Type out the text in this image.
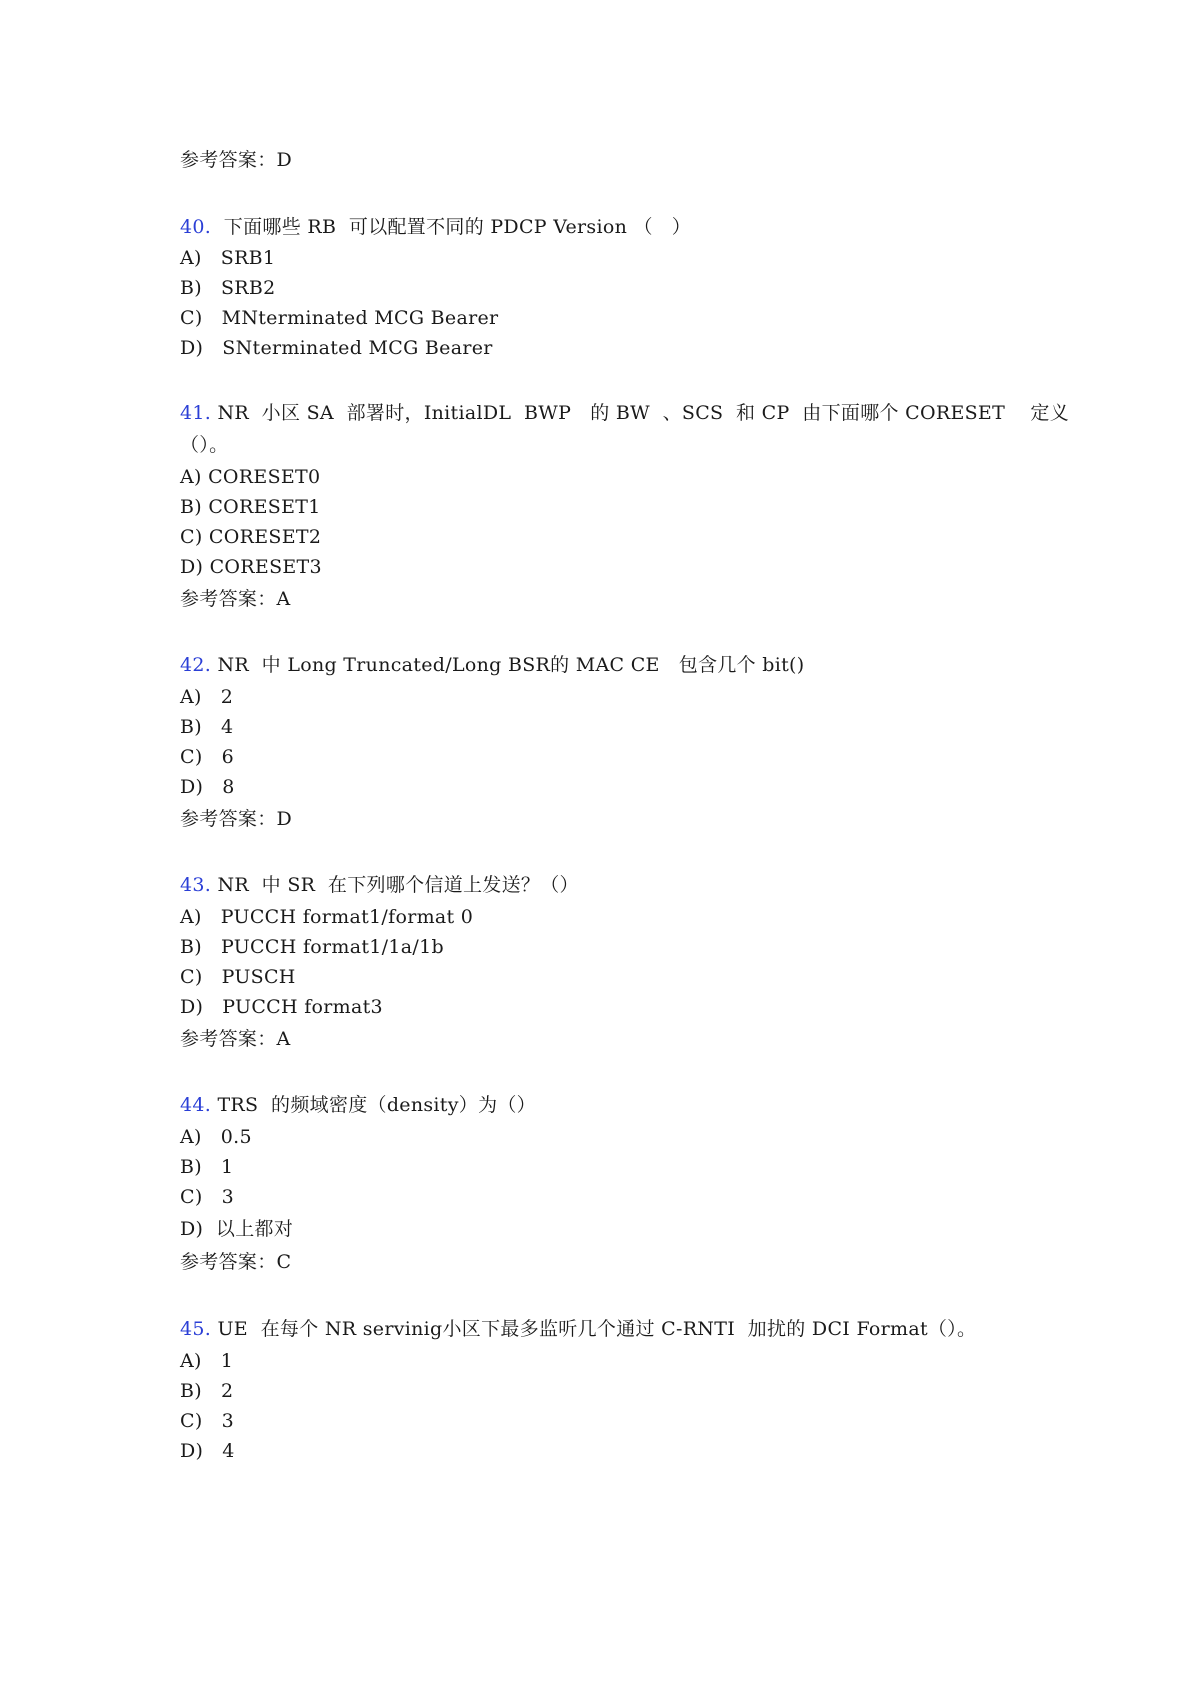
参考答案：D
40.  下面哪些 RB  可以配置不同的 PDCP Version （   ）
A)   SRB1
B)   SRB2
C)   MNterminated MCG Bearer
D)   SNterminated MCG Bearer
41. NR  小区 SA  部署时，InitialDL  BWP   的 BW  、SCS  和 CP  由下面哪个 CORESET    定义
（）。
A) CORESET0
B) CORESET1
C) CORESET2
D) CORESET3
参考答案：A
42. NR  中 Long Truncated/Long BSR的 MAC CE   包含几个 bit()
A)   2
B)   4
C)   6
D)   8
参考答案：D
43. NR  中 SR  在下列哪个信道上发送？（）
A)   PUCCH format1/format 0
B)   PUCCH format1/1a/1b
C)   PUSCH
D)   PUCCH format3
参考答案：A
44. TRS  的频域密度（density）为（）
A)   0.5
B)   1
C)   3
D)  以上都对
参考答案：C
45. UE  在每个 NR servinig小区下最多监听几个通过 C-RNTI  加扰的 DCI Format（）。
A)   1
B)   2
C)   3
D)   4
